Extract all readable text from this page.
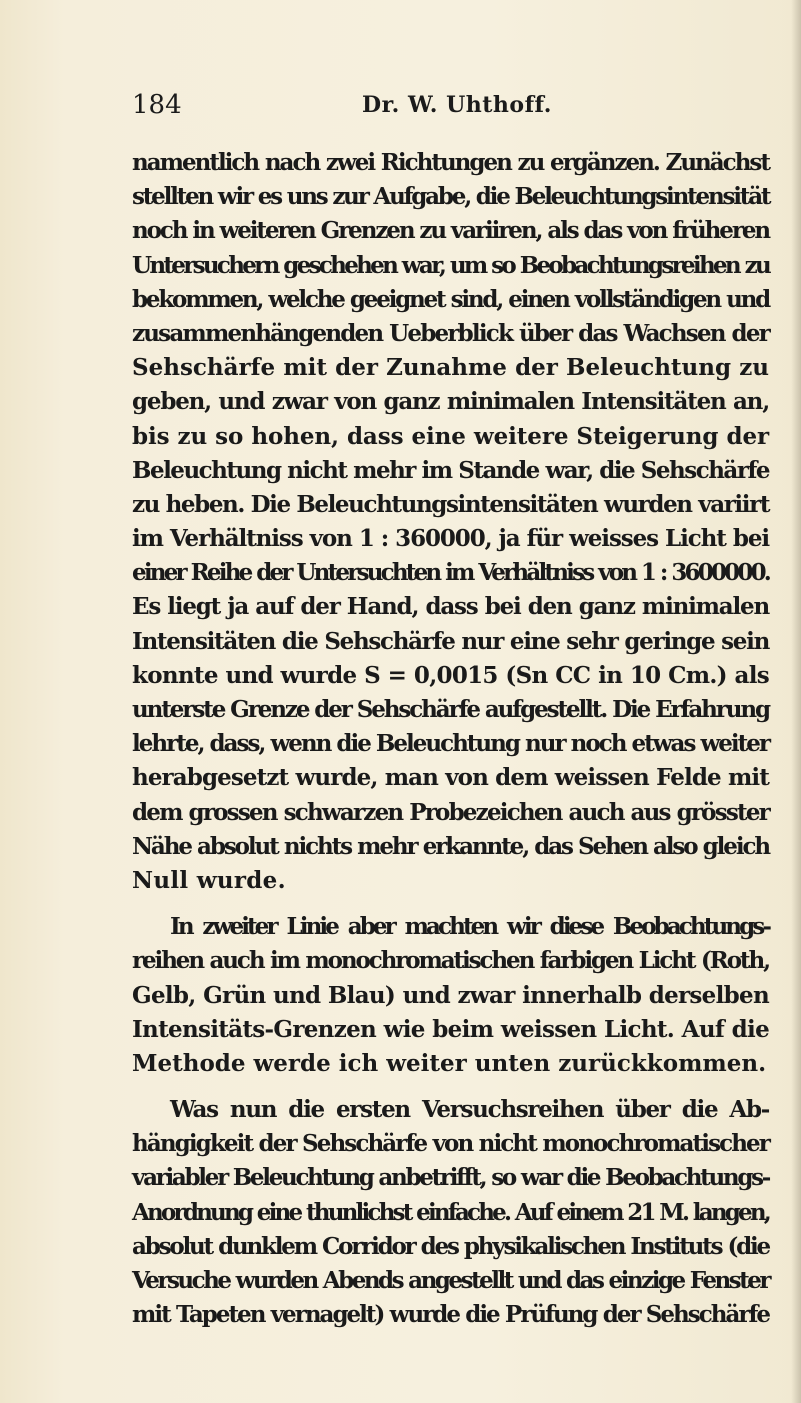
184	Dr. W. Uhthoff.
namentlich nach zwei Richtungen zu ergänzen. Zunächst
stellten wir es uns zur Aufgabe, die Beleuchtungsintensität
noch in weiteren Grenzen zu variiren, als das von früheren
Untersuchern geschehen war, um so Beobachtungsreihen zu
bekommen, welche geeignet sind, einen vollständigen und
zusammenhängenden Ueberblick über das Wachsen der
Sehschärfe mit der Zunahme der Beleuchtung zu
geben, und zwar von ganz minimalen Intensitäten an,
bis zu so hohen, dass eine weitere Steigerung der
Beleuchtung nicht mehr im Stande war, die Sehschärfe
zu heben. Die Beleuchtungsintensitäten wurden variirt
im Verhältniss von 1 : 360000, ja für weisses Licht bei
einer Reihe der Untersuchten im Verhältniss von 1 : 3600000.
Es liegt ja auf der Hand, dass bei den ganz minimalen
Intensitäten die Sehschärfe nur eine sehr geringe sein
konnte und wurde S = 0,0015 (Sn CC in 10 Cm.) als
unterste Grenze der Sehschärfe aufgestellt. Die Erfahrung
lehrte, dass, wenn die Beleuchtung nur noch etwas weiter
herabgesetzt wurde, man von dem weissen Felde mit
dem grossen schwarzen Probezeichen auch aus grösster
Nähe absolut nichts mehr erkannte, das Sehen also gleich
Null wurde.
In zweiter Linie aber machten wir diese Beobachtungs-
reihen auch im monochromatischen farbigen Licht (Roth,
Gelb, Grün und Blau) und zwar innerhalb derselben
Intensitäts-Grenzen wie beim weissen Licht. Auf die
Methode werde ich weiter unten zurückkommen.
Was nun die ersten Versuchsreihen über die Ab-
hängigkeit der Sehschärfe von nicht monochromatischer
variabler Beleuchtung anbetrifft, so war die Beobachtungs-
Anordnung eine thunlichst einfache. Auf einem 21 M. langen,
absolut dunklem Corridor des physikalischen Instituts (die
Versuche wurden Abends angestellt und das einzige Fenster
mit Tapeten vernagelt) wurde die Prüfung der Sehschärfe
